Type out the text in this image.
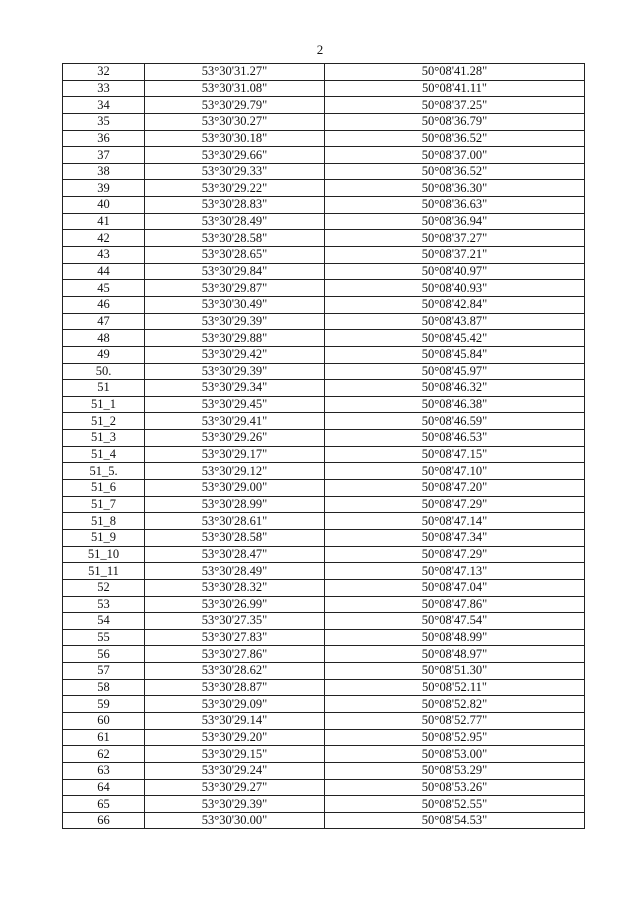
2
32	53°30'31.27"	50°08'41.28"
33	53°30'31.08"	50°08'41.11"
34	53°30'29.79"	50°08'37.25"
35	53°30'30.27"	50°08'36.79"
36	53°30'30.18"	50°08'36.52"
37	53°30'29.66"	50°08'37.00"
38	53°30'29.33"	50°08'36.52"
39	53°30'29.22"	50°08'36.30"
40	53°30'28.83"	50°08'36.63"
41	53°30'28.49"	50°08'36.94"
42	53°30'28.58"	50°08'37.27"
43	53°30'28.65"	50°08'37.21"
44	53°30'29.84"	50°08'40.97"
45	53°30'29.87"	50°08'40.93"
46	53°30'30.49"	50°08'42.84"
47	53°30'29.39"	50°08'43.87"
48	53°30'29.88"	50°08'45.42"
49	53°30'29.42"	50°08'45.84"
50.	53°30'29.39"	50°08'45.97"
51	53°30'29.34"	50°08'46.32"
51_1	53°30'29.45"	50°08'46.38"
51_2	53°30'29.41"	50°08'46.59"
51_3	53°30'29.26"	50°08'46.53"
51_4	53°30'29.17"	50°08'47.15"
51_5.	53°30'29.12"	50°08'47.10"
51_6	53°30'29.00"	50°08'47.20"
51_7	53°30'28.99"	50°08'47.29"
51_8	53°30'28.61"	50°08'47.14"
51_9	53°30'28.58"	50°08'47.34"
51_10	53°30'28.47"	50°08'47.29"
51_11	53°30'28.49"	50°08'47.13"
52	53°30'28.32"	50°08'47.04"
53	53°30'26.99"	50°08'47.86"
54	53°30'27.35"	50°08'47.54"
55	53°30'27.83"	50°08'48.99"
56	53°30'27.86"	50°08'48.97"
57	53°30'28.62"	50°08'51.30"
58	53°30'28.87"	50°08'52.11"
59	53°30'29.09"	50°08'52.82"
60	53°30'29.14"	50°08'52.77"
61	53°30'29.20"	50°08'52.95"
62	53°30'29.15"	50°08'53.00"
63	53°30'29.24"	50°08'53.29"
64	53°30'29.27"	50°08'53.26"
65	53°30'29.39"	50°08'52.55"
66	53°30'30.00"	50°08'54.53"
